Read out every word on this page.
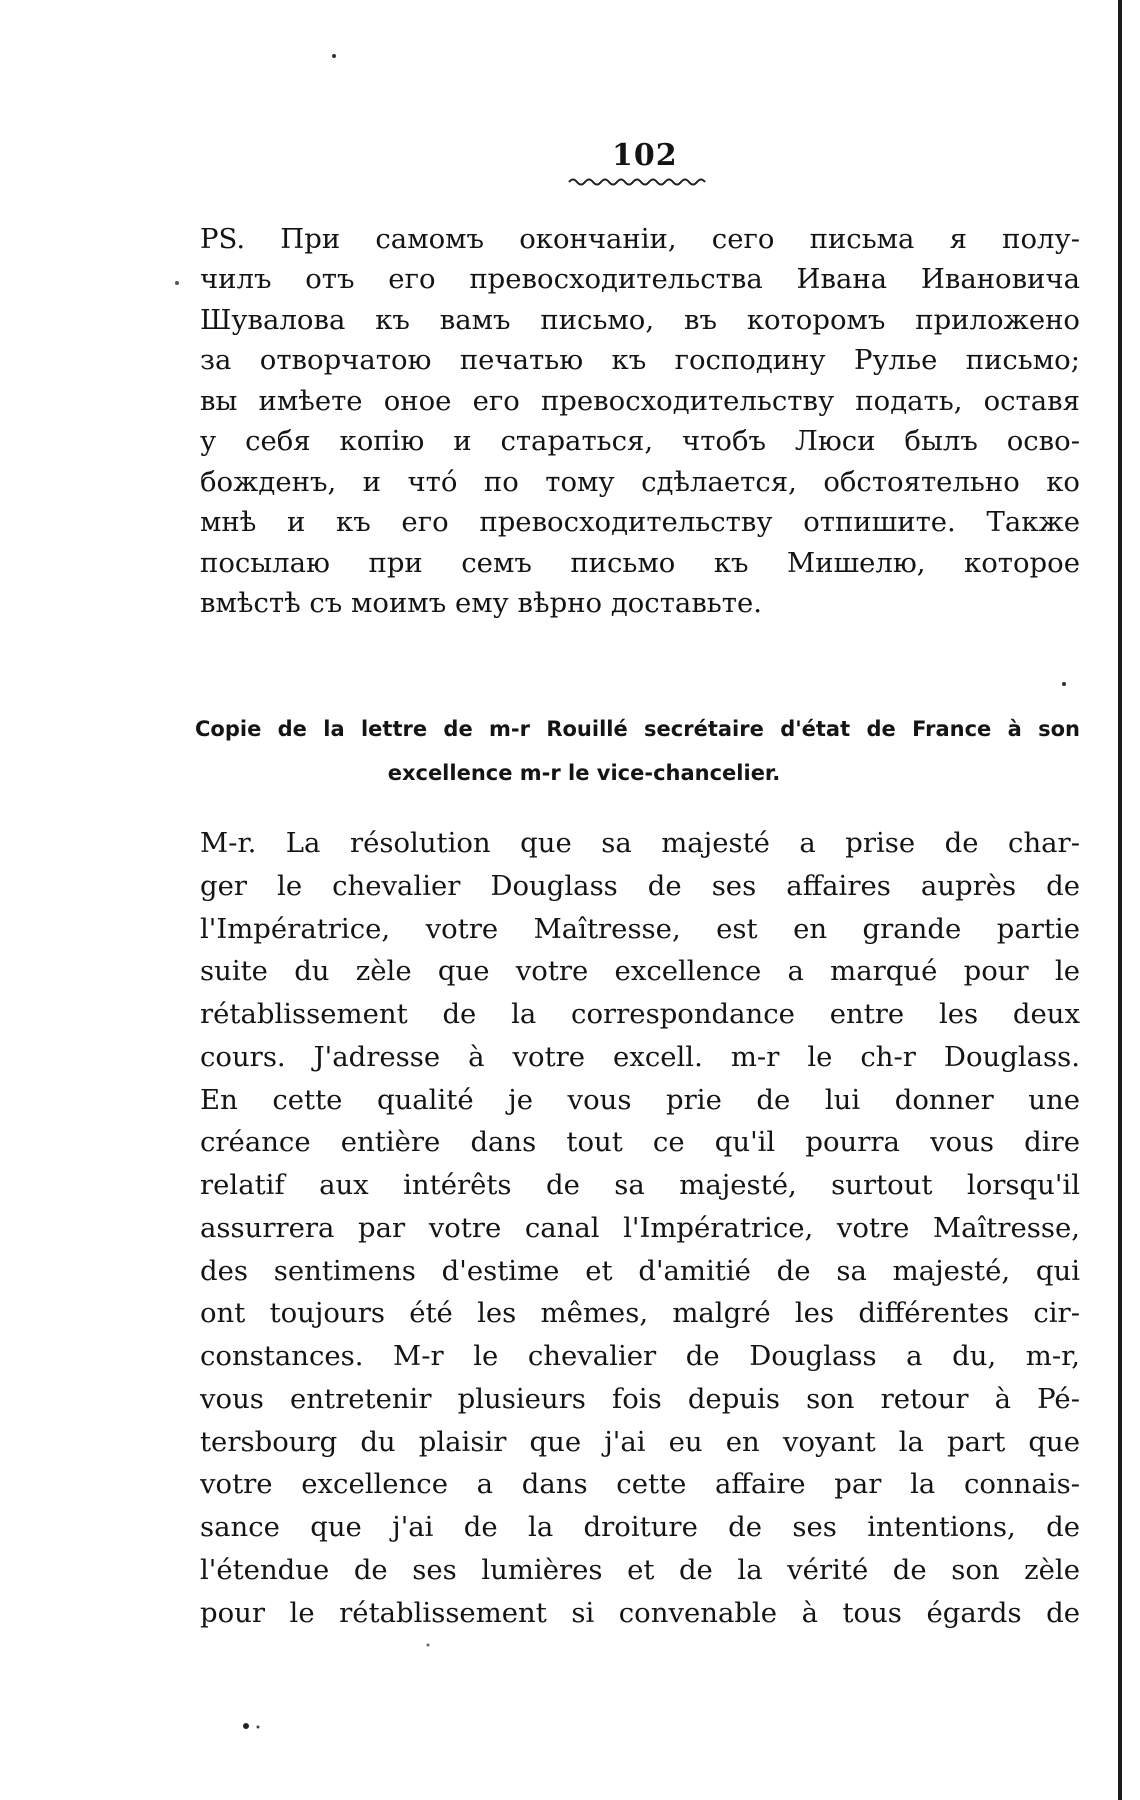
102
PS. При самомъ окончанiи, сего письма я полу-
чилъ отъ его превосходительства Ивана Ивановича
Шувалова къ вамъ письмо, въ которомъ приложено
за отворчатою печатью къ господину Рулье письмо;
вы имѣете оное его превосходительству подать, оставя
у себя копiю и стараться, чтобъ Люси былъ осво-
божденъ, и чтó по тому сдѣлается, обстоятельно ко
мнѣ и къ его превосходительству отпишите. Также
посылаю при семъ письмо къ Мишелю, которое
вмѣстѣ съ моимъ ему вѣрно доставьте.
Copie de la lettre de m-r Rouillé secrétaire d'état de France à son
excellence m-r le vice-chancelier.
M-r. La résolution que sa majesté a prise de char-
ger le chevalier Douglass de ses affaires auprès de
l'Impératrice, votre Maîtresse, est en grande partie
suite du zèle que votre excellence a marqué pour le
rétablissement de la correspondance entre les deux
cours. J'adresse à votre excell. m-r le ch-r Douglass.
En cette qualité je vous prie de lui donner une
créance entière dans tout ce qu'il pourra vous dire
relatif aux intérêts de sa majesté, surtout lorsqu'il
assurrera par votre canal l'Impératrice, votre Maîtresse,
des sentimens d'estime et d'amitié de sa majesté, qui
ont toujours été les mêmes, malgré les différentes cir-
constances. M-r le chevalier de Douglass a du, m-r,
vous entretenir plusieurs fois depuis son retour à Pé-
tersbourg du plaisir que j'ai eu en voyant la part que
votre excellence a dans cette affaire par la connais-
sance que j'ai de la droiture de ses intentions, de
l'étendue de ses lumières et de la vérité de son zèle
pour le rétablissement si convenable à tous égards de
